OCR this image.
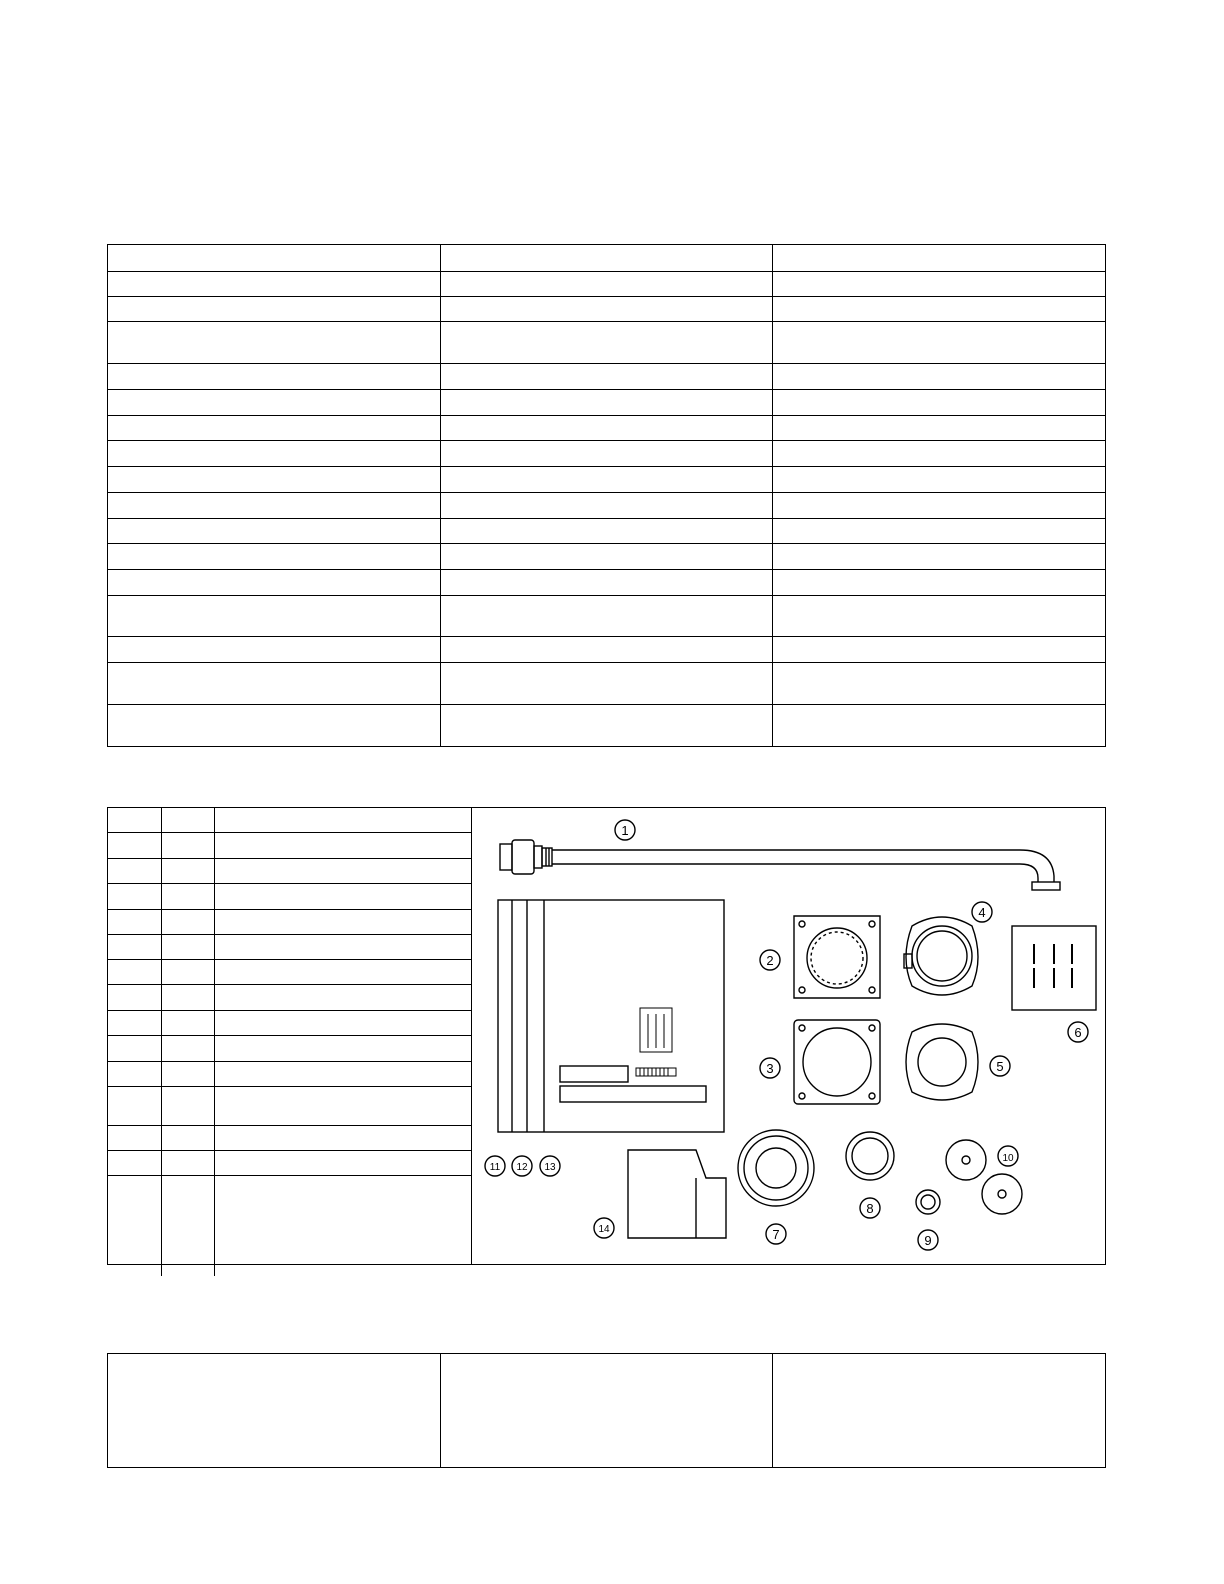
1
2
3
4
5
6
7
8
9
10
11 12 13
14
